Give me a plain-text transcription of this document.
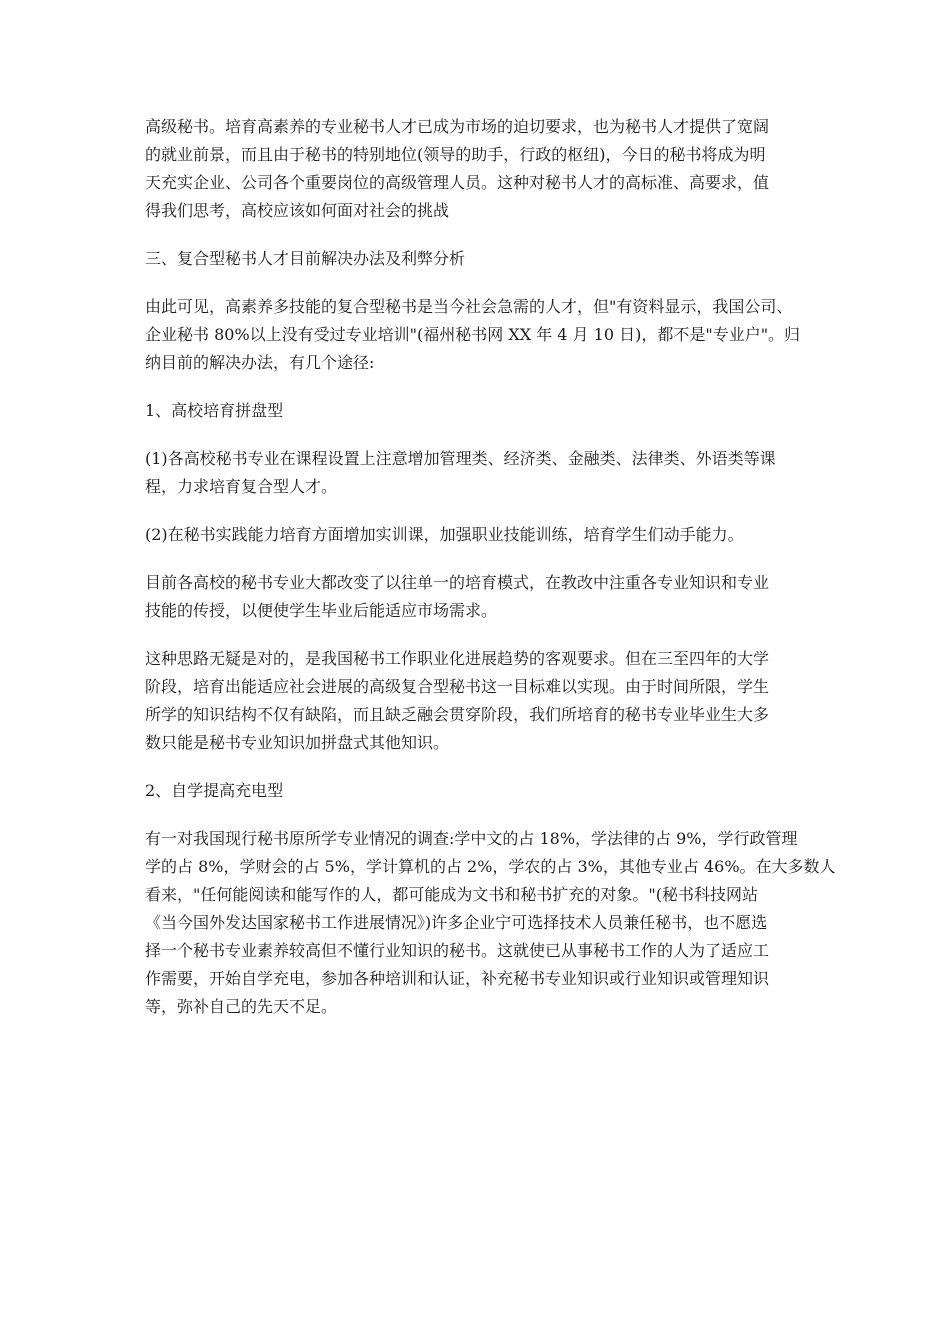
高级秘书。培育高素养的专业秘书人才已成为市场的迫切要求，也为秘书人才提供了宽阔
的就业前景，而且由于秘书的特别地位(领导的助手，行政的枢纽)，今日的秘书将成为明
天充实企业、公司各个重要岗位的高级管理人员。这种对秘书人才的高标准、高要求，值
得我们思考，高校应该如何面对社会的挑战
三、复合型秘书人才目前解决办法及利弊分析
由此可见，高素养多技能的复合型秘书是当今社会急需的人才，但"有资料显示，我国公司、
企业秘书 80%以上没有受过专业培训"(福州秘书网 XX 年 4 月 10 日)，都不是"专业户"。归
纳目前的解决办法，有几个途径:
1、高校培育拼盘型
(1)各高校秘书专业在课程设置上注意增加管理类、经济类、金融类、法律类、外语类等课
程，力求培育复合型人才。
(2)在秘书实践能力培育方面增加实训课，加强职业技能训练，培育学生们动手能力。
目前各高校的秘书专业大都改变了以往单一的培育模式，在教改中注重各专业知识和专业
技能的传授，以便使学生毕业后能适应市场需求。
这种思路无疑是对的，是我国秘书工作职业化进展趋势的客观要求。但在三至四年的大学
阶段，培育出能适应社会进展的高级复合型秘书这一目标难以实现。由于时间所限，学生
所学的知识结构不仅有缺陷，而且缺乏融会贯穿阶段，我们所培育的秘书专业毕业生大多
数只能是秘书专业知识加拼盘式其他知识。
2、自学提高充电型
有一对我国现行秘书原所学专业情况的调查:学中文的占 18%，学法律的占 9%，学行政管理
学的占 8%，学财会的占 5%，学计算机的占 2%，学农的占 3%，其他专业占 46%。在大多数人
看来，"任何能阅读和能写作的人，都可能成为文书和秘书扩充的对象。"(秘书科技网站
《当今国外发达国家秘书工作进展情况》)许多企业宁可选择技术人员兼任秘书，也不愿选
择一个秘书专业素养较高但不懂行业知识的秘书。这就使已从事秘书工作的人为了适应工
作需要，开始自学充电，参加各种培训和认证，补充秘书专业知识或行业知识或管理知识
等，弥补自己的先天不足。
